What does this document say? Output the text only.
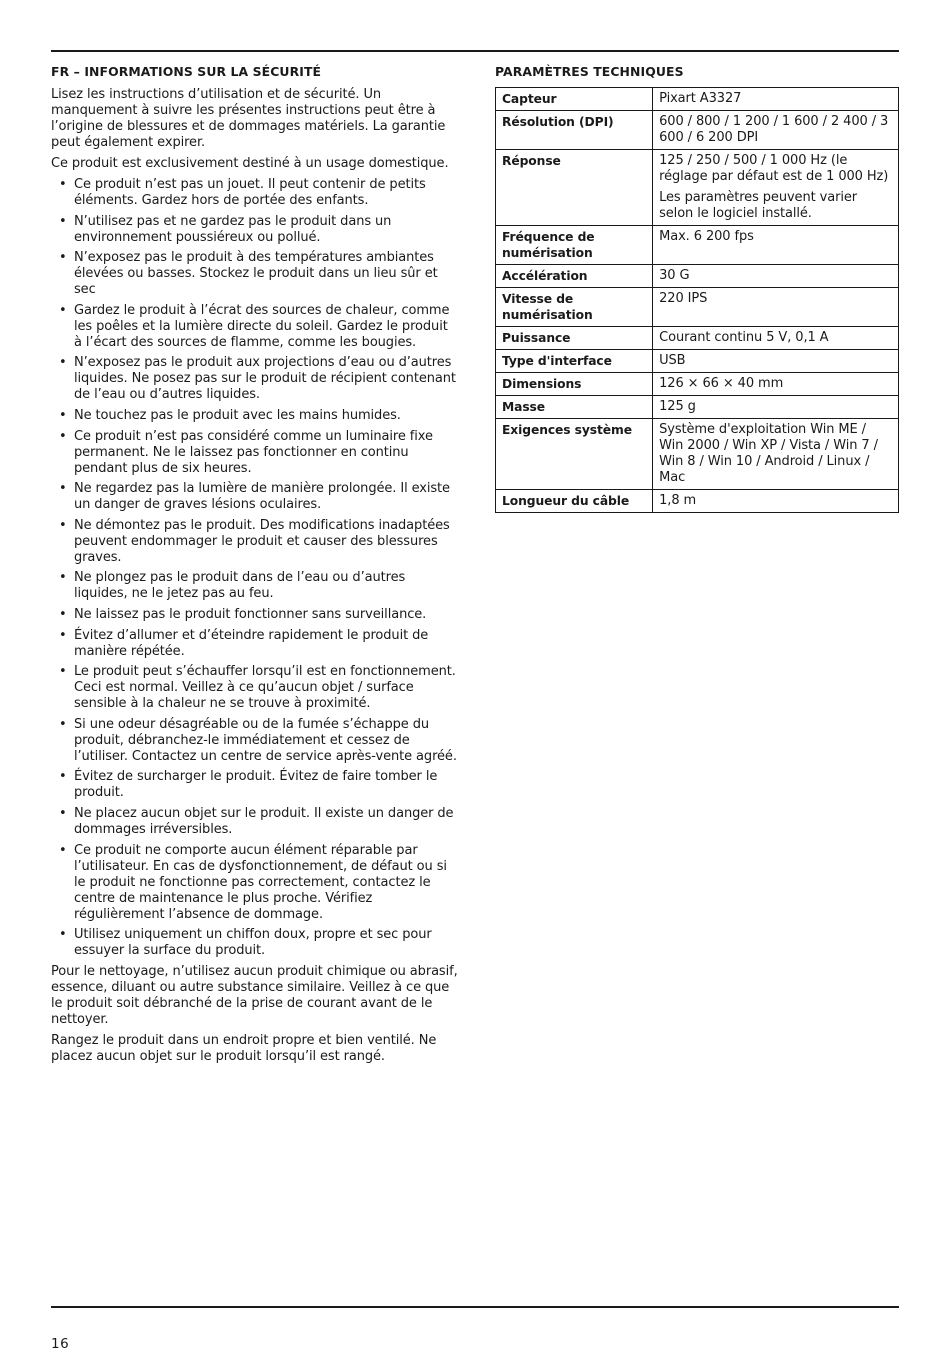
FR – INFORMATIONS SUR LA SÉCURITÉ

Lisez les instructions d’utilisation et de sécurité. Un manquement à suivre les présentes instructions peut être à l’origine de blessures et de dommages matériels. La garantie peut également expirer.

Ce produit est exclusivement destiné à un usage domestique.

• Ce produit n’est pas un jouet. Il peut contenir de petits éléments. Gardez hors de portée des enfants.
• N’utilisez pas et ne gardez pas le produit dans un environnement poussiéreux ou pollué.
• N’exposez pas le produit à des températures ambiantes élevées ou basses. Stockez le produit dans un lieu sûr et sec
• Gardez le produit à l’écrat des sources de chaleur, comme les poêles et la lumière directe du soleil. Gardez le produit à l’écart des sources de flamme, comme les bougies.
• N’exposez pas le produit aux projections d’eau ou d’autres liquides. Ne posez pas sur le produit de récipient contenant de l’eau ou d’autres liquides.
• Ne touchez pas le produit avec les mains humides.
• Ce produit n’est pas considéré comme un luminaire fixe permanent. Ne le laissez pas fonctionner en continu pendant plus de six heures.
• Ne regardez pas la lumière de manière prolongée. Il existe un danger de graves lésions oculaires.
• Ne démontez pas le produit. Des modifications inadaptées peuvent endommager le produit et causer des blessures graves.
• Ne plongez pas le produit dans de l’eau ou d’autres liquides, ne le jetez pas au feu.
• Ne laissez pas le produit fonctionner sans surveillance.
• Évitez d’allumer et d’éteindre rapidement le produit de manière répétée.
• Le produit peut s’échauffer lorsqu’il est en fonctionnement. Ceci est normal. Veillez à ce qu’aucun objet / surface sensible à la chaleur ne se trouve à proximité.
• Si une odeur désagréable ou de la fumée s’échappe du produit, débranchez-le immédiatement et cessez de l’utiliser. Contactez un centre de service après-vente agréé.
• Évitez de surcharger le produit. Évitez de faire tomber le produit.
• Ne placez aucun objet sur le produit. Il existe un danger de dommages irréversibles.
• Ce produit ne comporte aucun élément réparable par l’utilisateur. En cas de dysfonctionnement, de défaut ou si le produit ne fonctionne pas correctement, contactez le centre de maintenance le plus proche. Vérifiez régulièrement l’absence de dommage.
• Utilisez uniquement un chiffon doux, propre et sec pour essuyer la surface du produit.

Pour le nettoyage, n’utilisez aucun produit chimique ou abrasif, essence, diluant ou autre substance similaire. Veillez à ce que le produit soit débranché de la prise de courant avant de le nettoyer.

Rangez le produit dans un endroit propre et bien ventilé. Ne placez aucun objet sur le produit lorsqu’il est rangé.

PARAMÈTRES TECHNIQUES
Capteur	Pixart A3327
Résolution (DPI)	600 / 800 / 1 200 / 1 600 / 2 400 / 3 600 / 6 200 DPI
Réponse	125 / 250 / 500 / 1 000 Hz (le réglage par défaut est de 1 000 Hz)
Les paramètres peuvent varier selon le logiciel installé.

Fréquence de numérisation	Max. 6 200 fps
Accélération	30 G
Vitesse de numérisation	220 IPS
Puissance	Courant continu 5 V, 0,1 A
Type d'interface	USB
Dimensions	126 × 66 × 40 mm
Masse	125 g
Exigences système	Système d'exploitation Win ME / Win 2000 / Win XP / Vista / Win 7 / Win 8 / Win 10 / Android / Linux / Mac
Longueur du câble	1,8 m
16
